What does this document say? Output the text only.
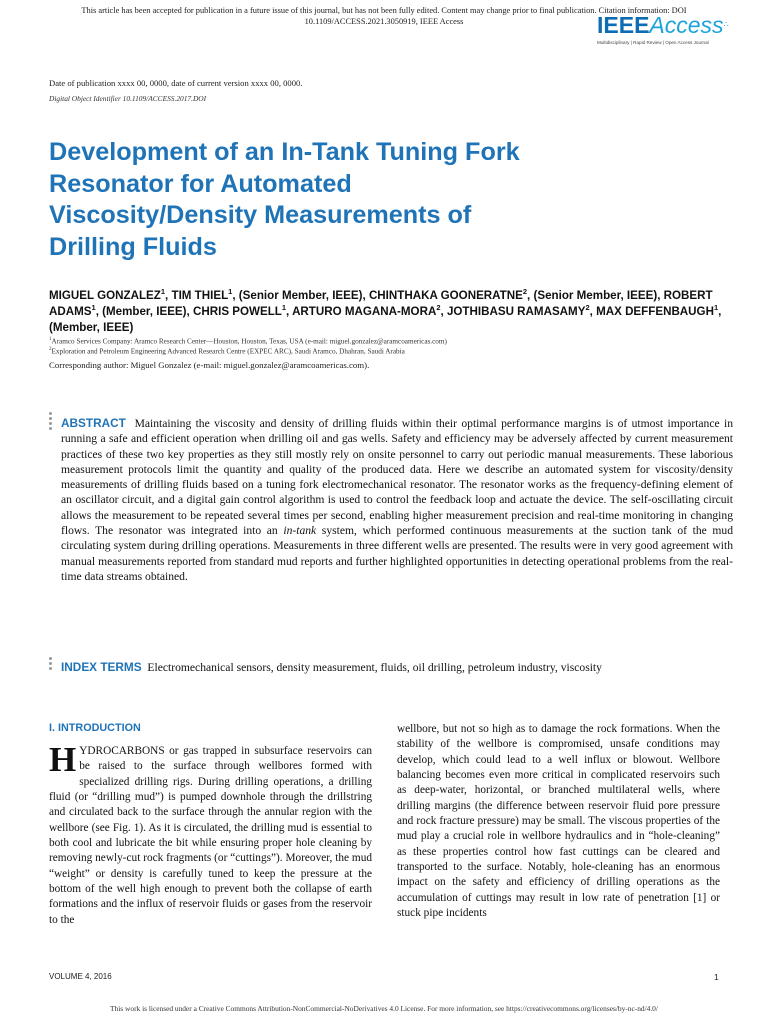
This article has been accepted for publication in a future issue of this journal, but has not been fully edited. Content may change prior to final publication. Citation information: DOI
10.1109/ACCESS.2021.3050919, IEEE Access	IEEEAccess∴
Multidisciplinary | Rapid Review | Open Access Journal
Date of publication xxxx 00, 0000, date of current version xxxx 00, 0000.
Digital Object Identifier 10.1109/ACCESS.2017.DOI
Development of an In-Tank Tuning Fork
Resonator for Automated
Viscosity/Density Measurements of
Drilling Fluids
MIGUEL GONZALEZ$^1$, TIM THIEL$^1$, (Senior Member, IEEE), CHINTHAKA GOONERATNE$^2$, (Senior Member, IEEE), ROBERT ADAMS$^1$, (Member, IEEE), CHRIS POWELL$^1$, ARTURO MAGANA-MORA$^2$, JOTHIBASU RAMASAMY$^2$, MAX DEFFENBAUGH$^1$, (Member, IEEE)
$^1$Aramco Services Company: Aramco Research Center—Houston, Houston, Texas, USA (e-mail: miguel.gonzalez@aramcoamericas.com)
$^2$Exploration and Petroleum Engineering Advanced Research Centre (EXPEC ARC), Saudi Aramco, Dhahran, Saudi Arabia
Corresponding author: Miguel Gonzalez (e-mail: miguel.gonzalez@aramcoamericas.com).
ABSTRACT Maintaining the viscosity and density of drilling fluids within their optimal performance margins is of utmost importance in running a safe and efficient operation when drilling oil and gas wells. Safety and efficiency may be adversely affected by current measurement practices of these two key properties as they still mostly rely on onsite personnel to carry out periodic manual measurements. These laborious measurement protocols limit the quantity and quality of the produced data. Here we describe an automated system for viscosity/density measurements of drilling fluids based on a tuning fork electromechanical resonator. The resonator works as the frequency-defining element of an oscillator circuit, and a digital gain control algorithm is used to control the feedback loop and actuate the device. The self-oscillating circuit allows the measurement to be repeated several times per second, enabling higher measurement precision and real-time monitoring in changing flows. The resonator was integrated into an in-tank system, which performed continuous measurements at the suction tank of the mud circulating system during drilling operations. Measurements in three different wells are presented. The results were in very good agreement with manual measurements reported from standard mud reports and further highlighted opportunities in detecting operational problems from the real-time data streams obtained.
INDEX TERMS Electromechanical sensors, density measurement, fluids, oil drilling, petroleum industry, viscosity
I. INTRODUCTION
HYDROCARBONS or gas trapped in subsurface reservoirs can be raised to the surface through wellbores formed with specialized drilling rigs. During drilling operations, a drilling fluid (or “drilling mud”) is pumped downhole through the drillstring and circulated back to the surface through the annular region with the wellbore (see Fig. 1). As it is circulated, the drilling mud is essential to both cool and lubricate the bit while ensuring proper hole cleaning by removing newly-cut rock fragments (or “cuttings”). Moreover, the mud “weight” or density is carefully tuned to keep the pressure at the bottom of the well high enough to prevent both the collapse of earth formations and the influx of reservoir fluids or gases from the reservoir to the
wellbore, but not so high as to damage the rock formations. When the stability of the wellbore is compromised, unsafe conditions may develop, which could lead to a well influx or blowout. Wellbore balancing becomes even more critical in complicated reservoirs such as deep-water, horizontal, or branched multilateral wells, where drilling margins (the difference between reservoir fluid pore pressure and rock fracture pressure) may be small. The viscous properties of the mud play a crucial role in wellbore hydraulics and in “hole-cleaning” as these properties control how fast cuttings can be cleared and transported to the surface. Notably, hole-cleaning has an enormous impact on the safety and efficiency of drilling operations as the accumulation of cuttings may result in low rate of penetration [1] or stuck pipe incidents
VOLUME 4, 2016	1
This work is licensed under a Creative Commons Attribution-NonCommercial-NoDerivatives 4.0 License. For more information, see https://creativecommons.org/licenses/by-nc-nd/4.0/
